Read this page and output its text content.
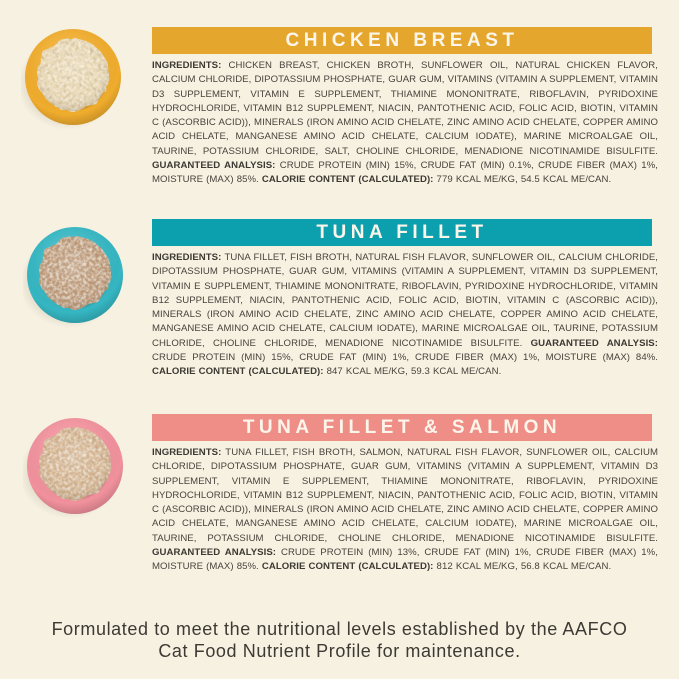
CHICKEN BREAST

INGREDIENTS: CHICKEN BREAST, CHICKEN BROTH, SUNFLOWER OIL, NATURAL CHICKEN FLAVOR, CALCIUM CHLORIDE, DIPOTASSIUM PHOSPHATE, GUAR GUM, VITAMINS (VITAMIN A SUPPLEMENT, VITAMIN D3 SUPPLEMENT, VITAMIN E SUPPLEMENT, THIAMINE MONONITRATE, RIBOFLAVIN, PYRIDOXINE HYDROCHLORIDE, VITAMIN B12 SUPPLEMENT, NIACIN, PANTOTHENIC ACID, FOLIC ACID, BIOTIN, VITAMIN C (ASCORBIC ACID)), MINERALS (IRON AMINO ACID CHELATE, ZINC AMINO ACID CHELATE, COPPER AMINO ACID CHELATE, MANGANESE AMINO ACID CHELATE, CALCIUM IODATE), MARINE MICROALGAE OIL, TAURINE, POTASSIUM CHLORIDE, SALT, CHOLINE CHLORIDE, MENADIONE NICOTINAMIDE BISULFITE. GUARANTEED ANALYSIS: CRUDE PROTEIN (MIN) 15%, CRUDE FAT (MIN) 0.1%, CRUDE FIBER (MAX) 1%, MOISTURE (MAX) 85%. CALORIE CONTENT (CALCULATED): 779 KCAL ME/KG, 54.5 KCAL ME/CAN.

TUNA FILLET

INGREDIENTS: TUNA FILLET, FISH BROTH, NATURAL FISH FLAVOR, SUNFLOWER OIL, CALCIUM CHLORIDE, DIPOTASSIUM PHOSPHATE, GUAR GUM, VITAMINS (VITAMIN A SUPPLEMENT, VITAMIN D3 SUPPLEMENT, VITAMIN E SUPPLEMENT, THIAMINE MONONITRATE, RIBOFLAVIN, PYRIDOXINE HYDROCHLORIDE, VITAMIN B12 SUPPLEMENT, NIACIN, PANTOTHENIC ACID, FOLIC ACID, BIOTIN, VITAMIN C (ASCORBIC ACID)), MINERALS (IRON AMINO ACID CHELATE, ZINC AMINO ACID CHELATE, COPPER AMINO ACID CHELATE, MANGANESE AMINO ACID CHELATE, CALCIUM IODATE), MARINE MICROALGAE OIL, TAURINE, POTASSIUM CHLORIDE, CHOLINE CHLORIDE, MENADIONE NICOTINAMIDE BISULFITE. GUARANTEED ANALYSIS: CRUDE PROTEIN (MIN) 15%, CRUDE FAT (MIN) 1%, CRUDE FIBER (MAX) 1%, MOISTURE (MAX) 84%. CALORIE CONTENT (CALCULATED): 847 KCAL ME/KG, 59.3 KCAL ME/CAN.

TUNA FILLET & SALMON

INGREDIENTS: TUNA FILLET, FISH BROTH, SALMON, NATURAL FISH FLAVOR, SUNFLOWER OIL, CALCIUM CHLORIDE, DIPOTASSIUM PHOSPHATE, GUAR GUM, VITAMINS (VITAMIN A SUPPLEMENT, VITAMIN D3 SUPPLEMENT, VITAMIN E SUPPLEMENT, THIAMINE MONONITRATE, RIBOFLAVIN, PYRIDOXINE HYDROCHLORIDE, VITAMIN B12 SUPPLEMENT, NIACIN, PANTOTHENIC ACID, FOLIC ACID, BIOTIN, VITAMIN C (ASCORBIC ACID)), MINERALS (IRON AMINO ACID CHELATE, ZINC AMINO ACID CHELATE, COPPER AMINO ACID CHELATE, MANGANESE AMINO ACID CHELATE, CALCIUM IODATE), MARINE MICROALGAE OIL, TAURINE, POTASSIUM CHLORIDE, CHOLINE CHLORIDE, MENADIONE NICOTINAMIDE BISULFITE. GUARANTEED ANALYSIS: CRUDE PROTEIN (MIN) 13%, CRUDE FAT (MIN) 1%, CRUDE FIBER (MAX) 1%, MOISTURE (MAX) 85%. CALORIE CONTENT (CALCULATED): 812 KCAL ME/KG, 56.8 KCAL ME/CAN.

Formulated to meet the nutritional levels established by the AAFCO
Cat Food Nutrient Profile for maintenance.
